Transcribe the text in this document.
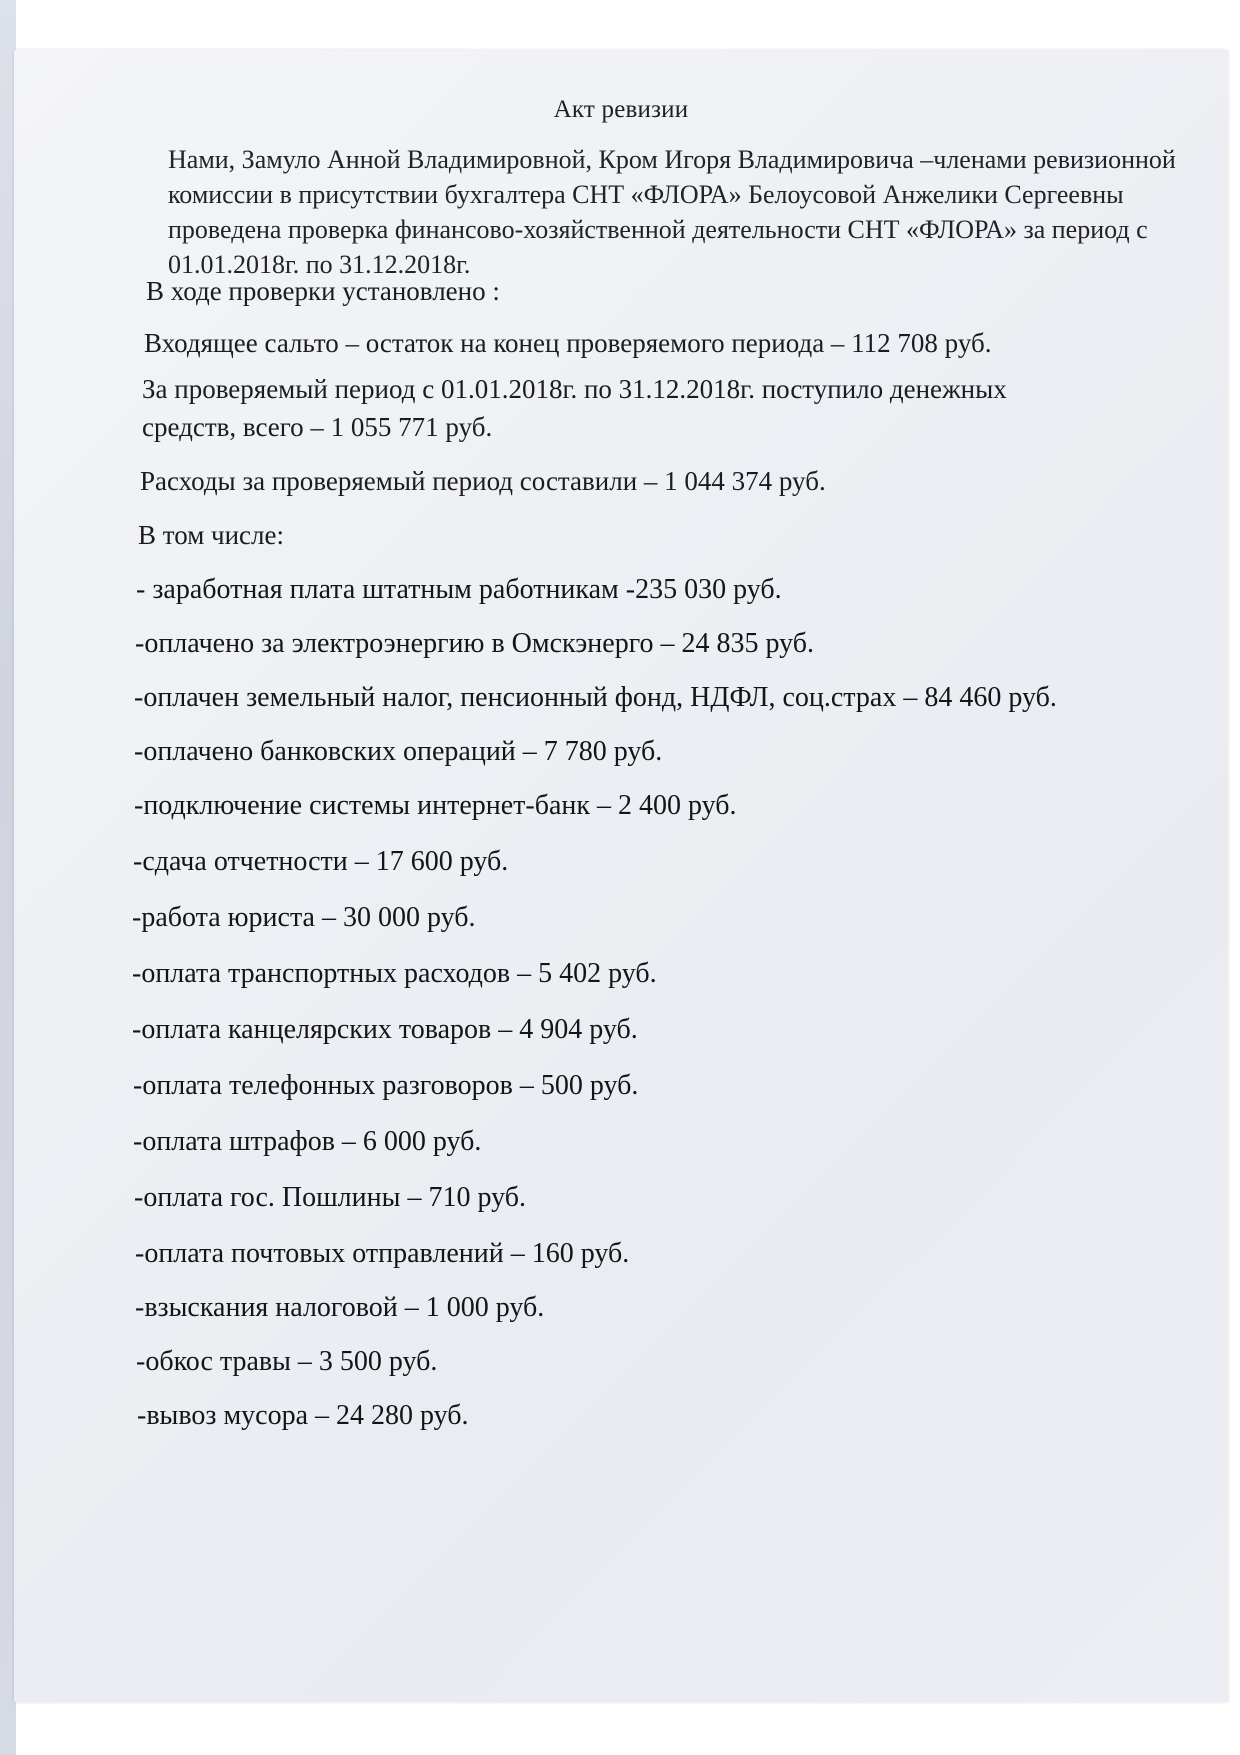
Акт ревизии

Нами, Замуло Анной Владимировной, Кром Игоря Владимировича –членами ревизионной комиссии в присутствии бухгалтера СНТ «ФЛОРА» Белоусовой Анжелики Сергеевны проведена проверка финансово-хозяйственной деятельности СНТ «ФЛОРА» за период с 01.01.2018г. по 31.12.2018г.

В ходе проверки установлено :

Входящее сальто – остаток на конец проверяемого периода – 112 708 руб.

За проверяемый период с 01.01.2018г. по 31.12.2018г. поступило денежных средств, всего – 1 055 771 руб.

Расходы за проверяемый период составили – 1 044 374 руб.

В том числе:

- заработная плата штатным работникам -235 030 руб.
-оплачено за электроэнергию в Омскэнерго – 24 835 руб.
-оплачен земельный налог, пенсионный фонд, НДФЛ, соц.страх – 84 460 руб.
-оплачено банковских операций – 7 780 руб.
-подключение системы интернет-банк – 2 400 руб.
-сдача отчетности – 17 600 руб.
-работа юриста – 30 000 руб.
-оплата транспортных расходов – 5 402 руб.
-оплата канцелярских товаров – 4 904 руб.
-оплата телефонных разговоров – 500 руб.
-оплата штрафов – 6 000 руб.
-оплата гос. Пошлины – 710 руб.
-оплата почтовых отправлений – 160 руб.
-взыскания налоговой – 1 000 руб.
-обкос травы – 3 500 руб.
-вывоз мусора – 24 280 руб.
